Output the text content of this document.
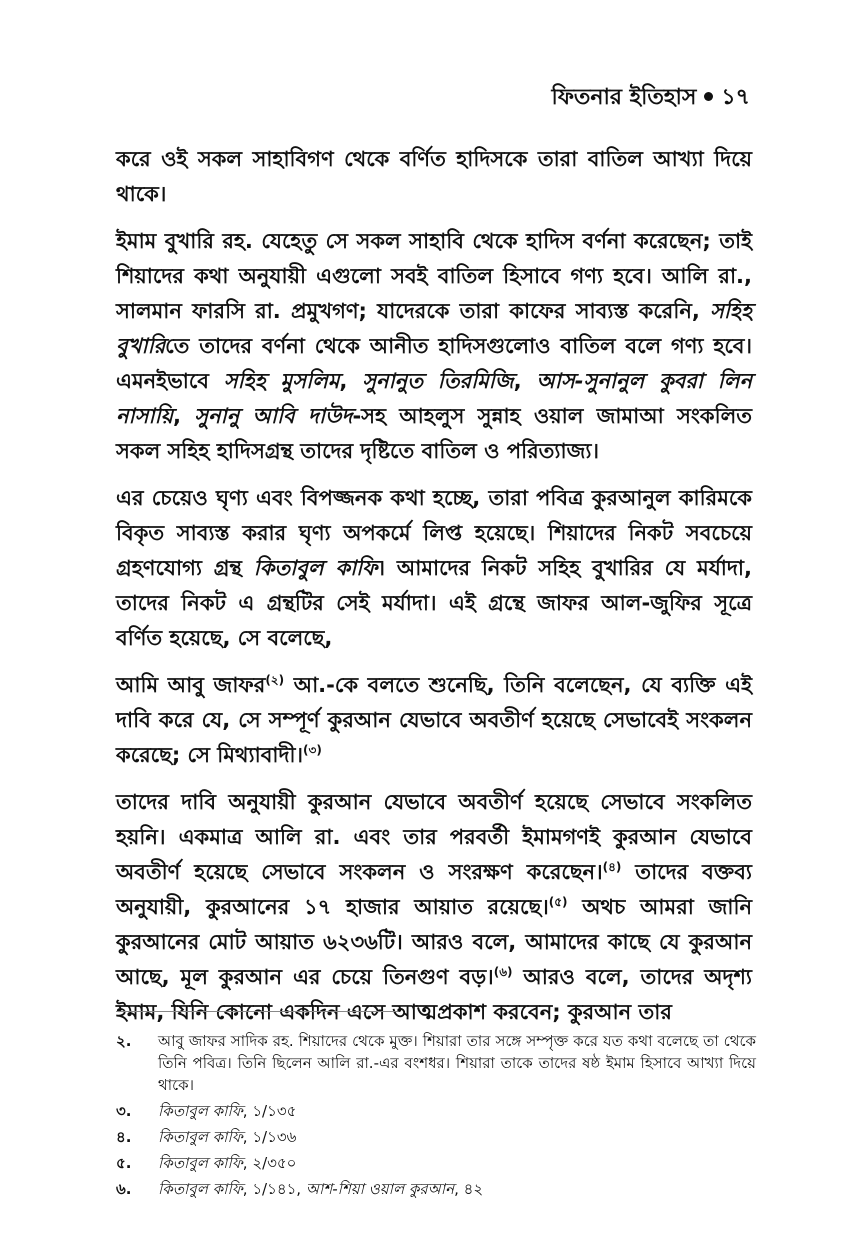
ফিতনার ইতিহাস ১৭

করে ওই সকল সাহাবিগণ থেকে বর্ণিত হাদিসকে তারা বাতিল আখ্যা দিয়ে থাকে।

ইমাম বুখারি রহ. যেহেতু সে সকল সাহাবি থেকে হাদিস বর্ণনা করেছেন; তাই শিয়াদের কথা অনুযায়ী এগুলো সবই বাতিল হিসাবে গণ্য হবে। আলি রা., সালমান ফারসি রা. প্রমুখগণ; যাদেরকে তারা কাফের সাব্যস্ত করেনি, সহিহ বুখারিতে তাদের বর্ণনা থেকে আনীত হাদিসগুলোও বাতিল বলে গণ্য হবে। এমনইভাবে সহিহ মুসলিম, সুনানুত তিরমিজি, আস-সুনানুল কুবরা লিন নাসায়ি, সুনানু আবি দাউদ-সহ আহলুস সুন্নাহ ওয়াল জামাআ সংকলিত সকল সহিহ হাদিসগ্রন্থ তাদের দৃষ্টিতে বাতিল ও পরিত্যাজ্য।

এর চেয়েও ঘৃণ্য এবং বিপজ্জনক কথা হচ্ছে, তারা পবিত্র কুরআনুল কারিমকে বিকৃত সাব্যস্ত করার ঘৃণ্য অপকর্মে লিপ্ত হয়েছে। শিয়াদের নিকট সবচেয়ে গ্রহণযোগ্য গ্রন্থ কিতাবুল কাফি। আমাদের নিকট সহিহ বুখারির যে মর্যাদা, তাদের নিকট এ গ্রন্থটির সেই মর্যাদা। এই গ্রন্থে জাফর আল-জুফির সূত্রে বর্ণিত হয়েছে, সে বলেছে,

আমি আবু জাফর$^{(২)}$ আ.-কে বলতে শুনেছি, তিনি বলেছেন, যে ব্যক্তি এই দাবি করে যে, সে সম্পূর্ণ কুরআন যেভাবে অবতীর্ণ হয়েছে সেভাবেই সংকলন করেছে; সে মিথ্যাবাদী।$^{(৩)}$

তাদের দাবি অনুযায়ী কুরআন যেভাবে অবতীর্ণ হয়েছে সেভাবে সংকলিত হয়নি। একমাত্র আলি রা. এবং তার পরবর্তী ইমামগণই কুরআন যেভাবে অবতীর্ণ হয়েছে সেভাবে সংকলন ও সংরক্ষণ করেছেন।$^{(৪)}$ তাদের বক্তব্য অনুযায়ী, কুরআনের ১৭ হাজার আয়াত রয়েছে।$^{(৫)}$ অথচ আমরা জানি কুরআনের মোট আয়াত ৬২৩৬টি। আরও বলে, আমাদের কাছে যে কুরআন আছে, মূল কুরআন এর চেয়ে তিনগুণ বড়।$^{(৬)}$ আরও বলে, তাদের অদৃশ্য ইমাম, যিনি কোনো একদিন এসে আত্মপ্রকাশ করবেন; কুরআন তার

২.	আবু জাফর সাদিক রহ. শিয়াদের থেকে মুক্ত। শিয়ারা তার সঙ্গে সম্পৃক্ত করে যত কথা বলেছে তা থেকে তিনি পবিত্র। তিনি ছিলেন আলি রা.-এর বংশধর। শিয়ারা তাকে তাদের ষষ্ঠ ইমাম হিসাবে আখ্যা দিয়ে থাকে।
৩.	কিতাবুল কাফি, ১/১৩৫
৪.	কিতাবুল কাফি, ১/১৩৬
৫.	কিতাবুল কাফি, ২/৩৫০
৬.	কিতাবুল কাফি, ১/১৪১, আশ-শিয়া ওয়াল কুরআন, ৪২
